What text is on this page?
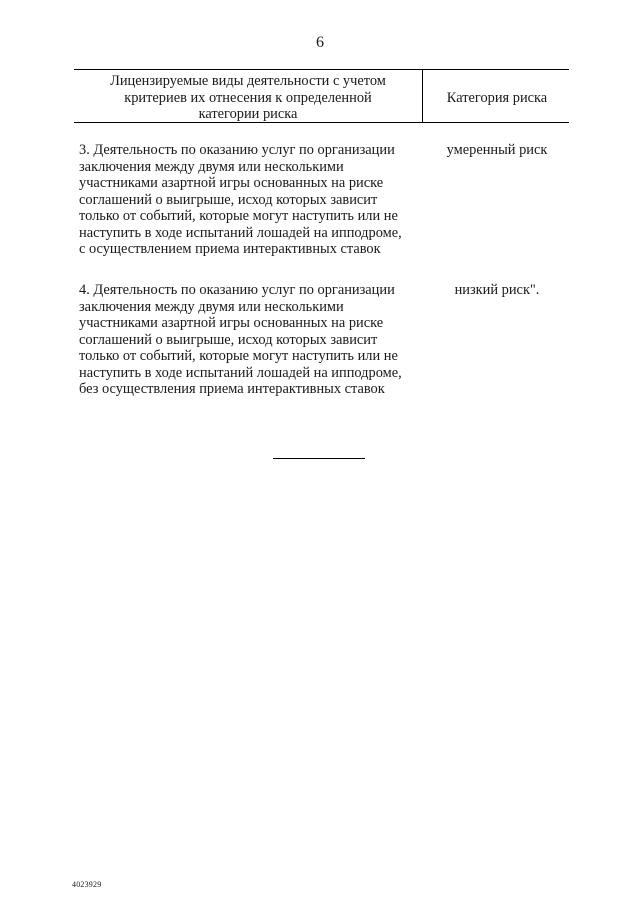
6
Лицензируемые виды деятельности с учетом
критериев их отнесения к определенной
категории риска
Категория риска
3. Деятельность по оказанию услуг по организации
заключения между двумя или несколькими
участниками азартной игры основанных на риске
соглашений о выигрыше, исход которых зависит
только от событий, которые могут наступить или не
наступить в ходе испытаний лошадей на ипподроме,
с осуществлением приема интерактивных ставок
умеренный риск
4. Деятельность по оказанию услуг по организации
заключения между двумя или несколькими
участниками азартной игры основанных на риске
соглашений о выигрыше, исход которых зависит
только от событий, которые могут наступить или не
наступить в ходе испытаний лошадей на ипподроме,
без осуществления приема интерактивных ставок
низкий риск".
4023929
